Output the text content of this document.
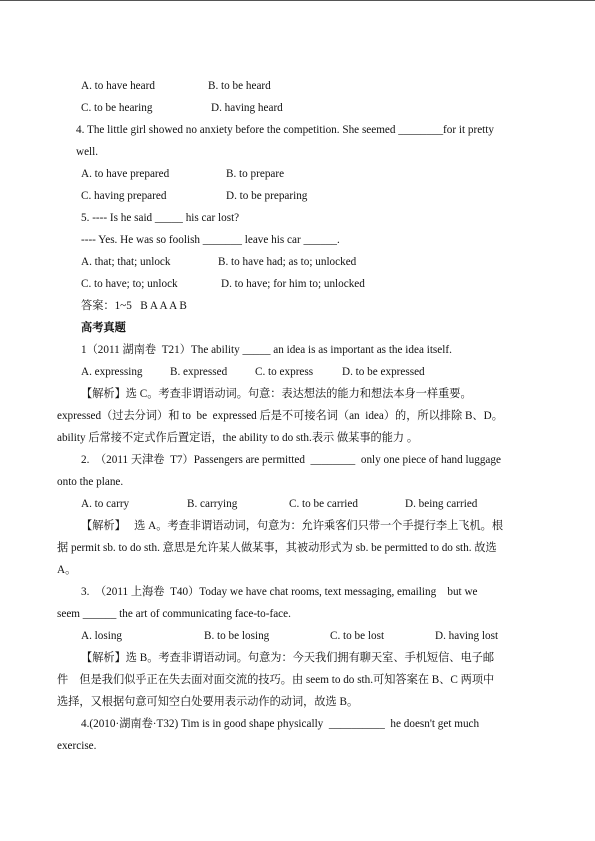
A. to have heard	B. to be heard
C. to be hearing	D. having heard
4. The little girl showed no anxiety before the competition. She seemed ________for it pretty
well.
A. to have prepared	B. to prepare
C. having prepared	D. to be preparing
5. ---- Is he said _____ his car lost?
---- Yes. He was so foolish _______ leave his car ______.
A. that; that; unlock	B. to have had; as to; unlocked
C. to have; to; unlock	D. to have; for him to; unlocked
答案：1~5   B A A A B
高考真题
1（2011 湖南卷  T21）The ability _____ an idea is as important as the idea itself.
A. expressing B. expressed C. to express	D. to be expressed
【解析】选 C。考查非谓语动词。句意：表达想法的能力和想法本身一样重要。
expressed（过去分词）和 to  be  expressed 后是不可接名词（an  idea）的，所以排除 B、D。
ability 后常接不定式作后置定语，the ability to do sth.表示 做某事的能力 。
2.  （2011 天津卷  T7）Passengers are permitted  ________  only one piece of hand luggage
onto the plane.
A. to carry	B. carrying	C. to be carried	D. being carried
【解析】   选 A。考查非谓语动词，句意为：允许乘客们只带一个手提行李上飞机。根
据 permit sb. to do sth. 意思是允许某人做某事，其被动形式为 sb. be permitted to do sth. 故选
A。
3.  （2011 上海卷  T40）Today we have chat rooms, text messaging, emailing    but we
seem ______ the art of communicating face-to-face.
A. losing	B. to be losing	C. to be lost	D. having lost
【解析】选 B。考查非谓语动词。句意为：今天我们拥有聊天室、手机短信、电子邮
件    但是我们似乎正在失去面对面交流的技巧。由 seem to do sth.可知答案在 B、C 两项中
选择，又根据句意可知空白处要用表示动作的动词，故选 B。
4.(2010·湖南卷·T32) Tim is in good shape physically  __________  he doesn't get much
exercise.
